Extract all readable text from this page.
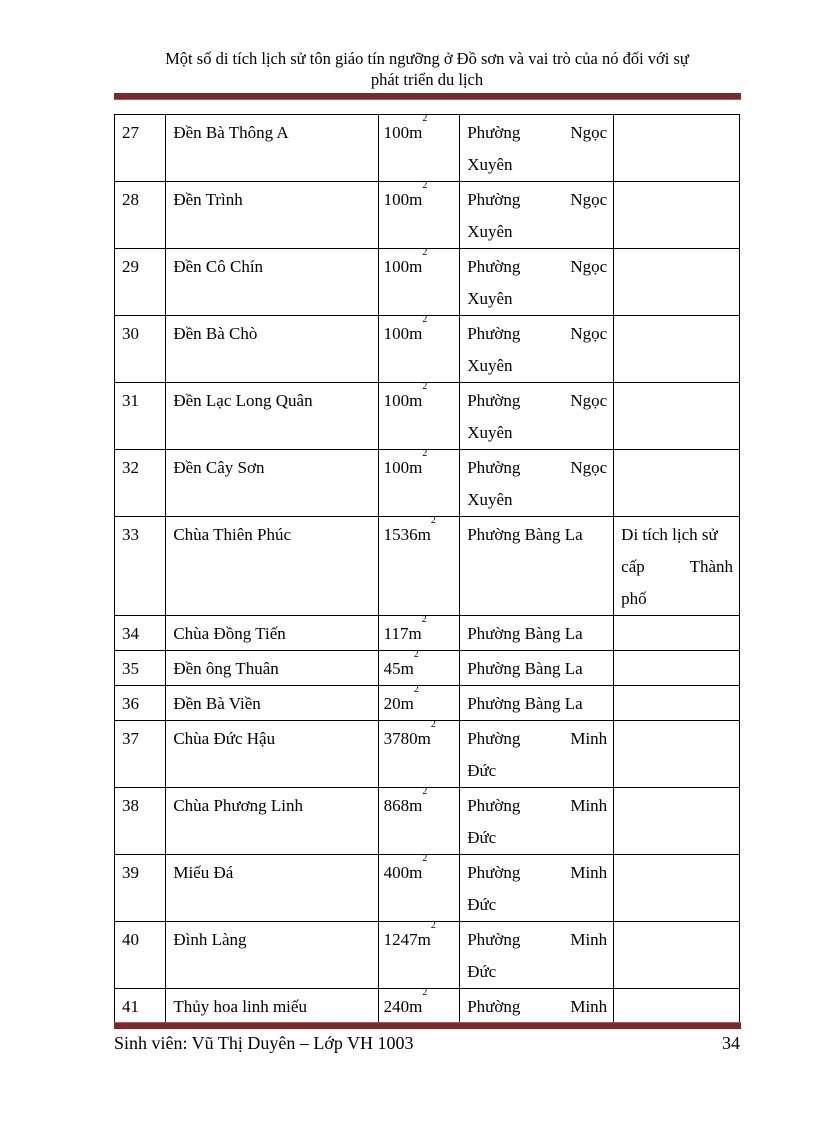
Một số di tích lịch sử tôn giáo tín ngưỡng ở Đồ sơn và vai trò của nó đối với sự
phát triển du lịch
27	Đền Bà Thông A	$100m^2$	Phường Ngọc
Xuyên	

28	Đền Trình	$100m^2$	Phường Ngọc
Xuyên	

29	Đền Cô Chín	$100m^2$	Phường Ngọc
Xuyên	

30	Đền Bà Chò	$100m^2$	Phường Ngọc
Xuyên	

31	Đền Lạc Long Quân	$100m^2$	Phường Ngọc
Xuyên	

32	Đền Cây Sơn	$100m^2$	Phường Ngọc
Xuyên	

33	Chùa Thiên Phúc	$1536m^2$	Phường Bàng La	Di tích lịch sử
cấp Thành
phố

34	Chùa Đồng Tiến	$117m^2$	Phường Bàng La	

35	Đền ông Thuân	$45m^2$	Phường Bàng La	

36	Đền Bà Viền	$20m^2$	Phường Bàng La	

37	Chùa Đức Hậu	$3780m^2$	Phường Minh
Đức	

38	Chùa Phương Linh	$868m^2$	Phường Minh
Đức	

39	Miếu Đá	$400m^2$	Phường Minh
Đức	

40	Đình Làng	$1247m^2$	Phường Minh
Đức	

41	Thủy hoa linh miếu	$240m^2$	Phường Minh	

Sinh viên: Vũ Thị Duyên – Lớp VH 1003	34
